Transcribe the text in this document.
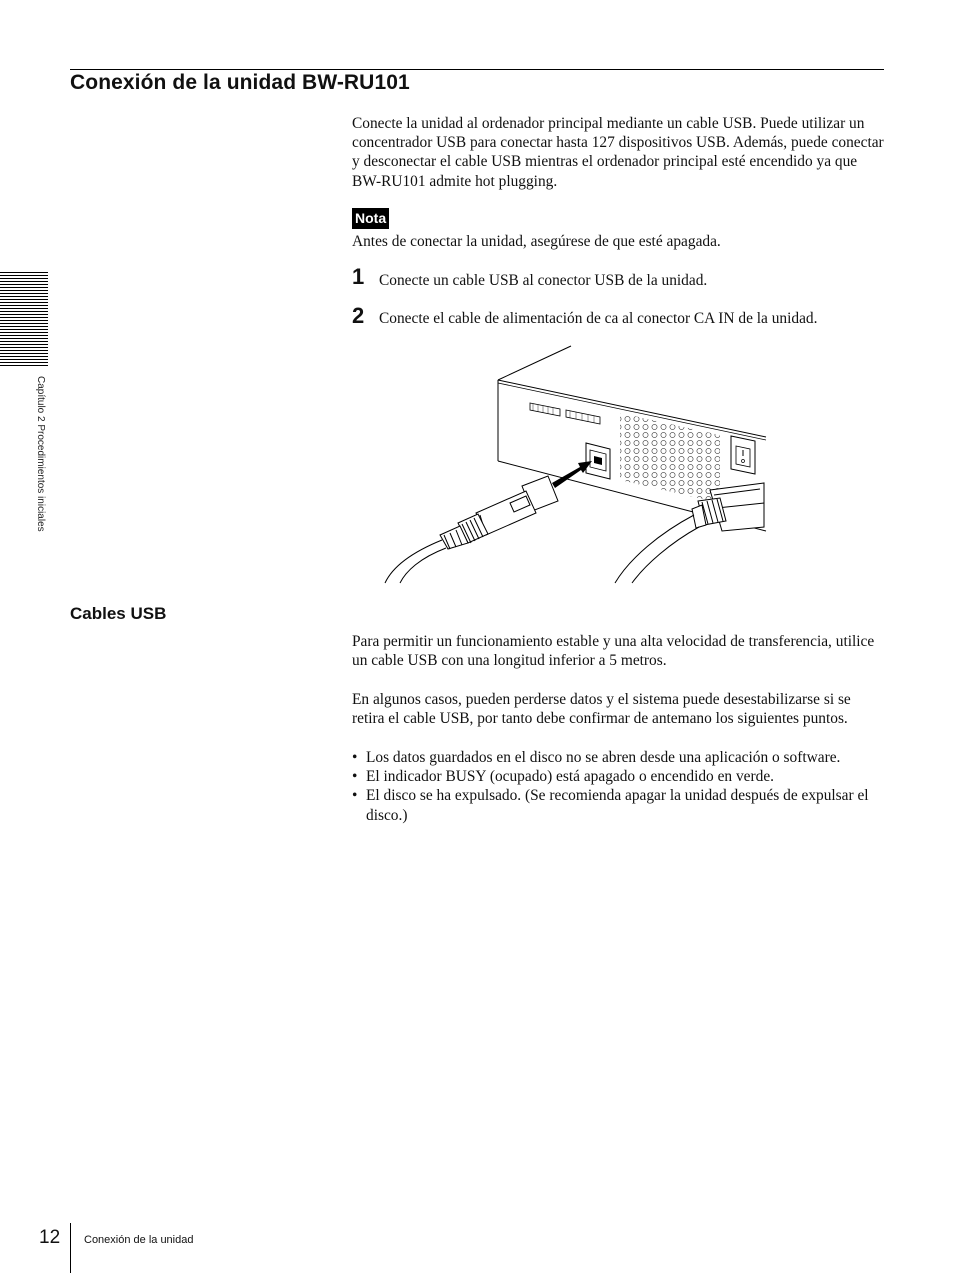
Conexión de la unidad BW-RU101
Conecte la unidad al ordenador principal mediante un cable USB. Puede utilizar un concentrador USB para conectar hasta 127 dispositivos USB. Además, puede conectar y desconectar el cable USB mientras el ordenador principal esté encendido ya que BW-RU101 admite hot plugging.
Nota
Antes de conectar la unidad, asegúrese de que esté apagada.
1 Conecte un cable USB al conector USB de la unidad.
2 Conecte el cable de alimentación de ca al conector CA IN de la unidad.
Cables USB
Para permitir un funcionamiento estable y una alta velocidad de transferencia, utilice un cable USB con una longitud inferior a 5 metros.
En algunos casos, pueden perderse datos y el sistema puede desestabilizarse si se retira el cable USB, por tanto debe confirmar de antemano los siguientes puntos.
• Los datos guardados en el disco no se abren desde una aplicación o software.
• El indicador BUSY (ocupado) está apagado o encendido en verde.
• El disco se ha expulsado. (Se recomienda apagar la unidad después de expulsar el disco.)
Capítulo 2 Procedimientos iniciales
12 Conexión de la unidad
